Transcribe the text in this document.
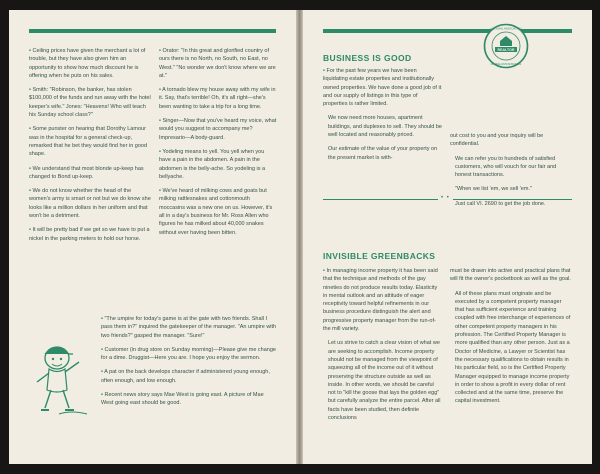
• Ceiling prices have given the merchant a lot of trouble, but they have also given him an opportunity to show how much discount he is offering when he puts on his sales.

• Smith: "Robinson, the banker, has stolen $100,000 of the funds and run away with the hotel keeper's wife." Jones: "Heavens! Who will teach his Sunday school class?"

• Some punster on hearing that Dorothy Lamour was in the hospital for a general check-up, remarked that he bet they would find her in good shape.

• We understand that most blonde up-keep has changed to Bond up-keep.

• We do not know whether the head of the women's army is smart or not but we do know she looks like a million dollars in her uniform and that won't be a detriment.

• It will be pretty bad if we get so we have to put a nickel in the parking meters to hold our horse.

• Orator: "In this great and glorified country of ours there is no North, no South, no East, no West." "No wonder we don't know where we are at."

• A tornado blew my house away with my wife in it. Say, that's terrible! Oh, it's all right—she's been wanting to take a trip for a long time.

• Singer—Now that you've heard my voice, what would you suggest to accompany me? Impresario—A body-guard.

• Yodeling means to yell. You yell when you have a pain in the abdomen. A pain in the abdomen is the belly-ache. So yodeling is a bellyache.

• We've heard of milking cows and goats but milking rattlesnakes and cottonmouth moccasins was a new one on us. However, it's all in a day's business for Mr. Ross Allen who figures he has milked about 40,000 snakes without ever having been bitten.

• "The umpire for today's game is at the gate with two friends. Shall I pass them in?" inquired the gatekeeper of the manager. "An umpire with two friends?" gasped the manager. "Sure!"

• Customer (in drug store on Sunday morning)—Please give me change for a dime. Druggist—Here you are. I hope you enjoy the sermon.

• A pat on the back develops character if administered young enough, often enough, and low enough.

• Recent news story says Mae West is going east. A picture of Mae West going east should be good.

REALTOR
NATIONAL ASSOCIATION
OF REAL ESTATE BOARDS
BUSINESS IS GOOD

• For the past few years we have been liquidating estate properties and institutionally owned properties. We have done a good job of it and our supply of listings in this type of properties is rather limited.

We now need more houses, apartment buildings, and duplexes to sell. They should be well located and reasonably priced.

Our estimate of the value of your property on the present market is with-

out cost to you and your inquiry will be confidential.

We can refer you to hundreds of satisfied customers, who will vouch for our fair and honest transactions.

"When we list 'em, we sell 'em."

Just call VI. 2690 to get the job done.

• •
INVISIBLE GREENBACKS

• In managing income property it has been said that the technique and methods of the gay nineties do not produce results today. Elasticity in mental outlook and an attitude of eager receptivity toward helpful refinements in our business procedure distinguish the alert and progressive property manager from the run-of-the mill variety.

Let us strive to catch a clear vision of what we are seeking to accomplish. Income property should not be managed from the viewpoint of squeezing all of the income out of it without preserving the structure outside as well as inside. In other words, we should be careful not to "kill the goose that lays the golden egg" but carefully analyze the entire parcel. After all facts have been studied, then definite conclusions

must be drawn into active and practical plans that will fit the owner's pocketbook as well as the goal.

All of these plans must originate and be executed by a competent property manager that has sufficient experience and training coupled with free interchange of experiences of other competent property managers in his profession. The Certified Property Manager is more qualified than any other person. Just as a Doctor of Medicine, a Lawyer or Scientist has the necessary qualifications to obtain results in his particular field, so is the Certified Property Manager equipped to manage income property in order to show a profit in every dollar of rent collected and at the same time, preserve the capital investment.
